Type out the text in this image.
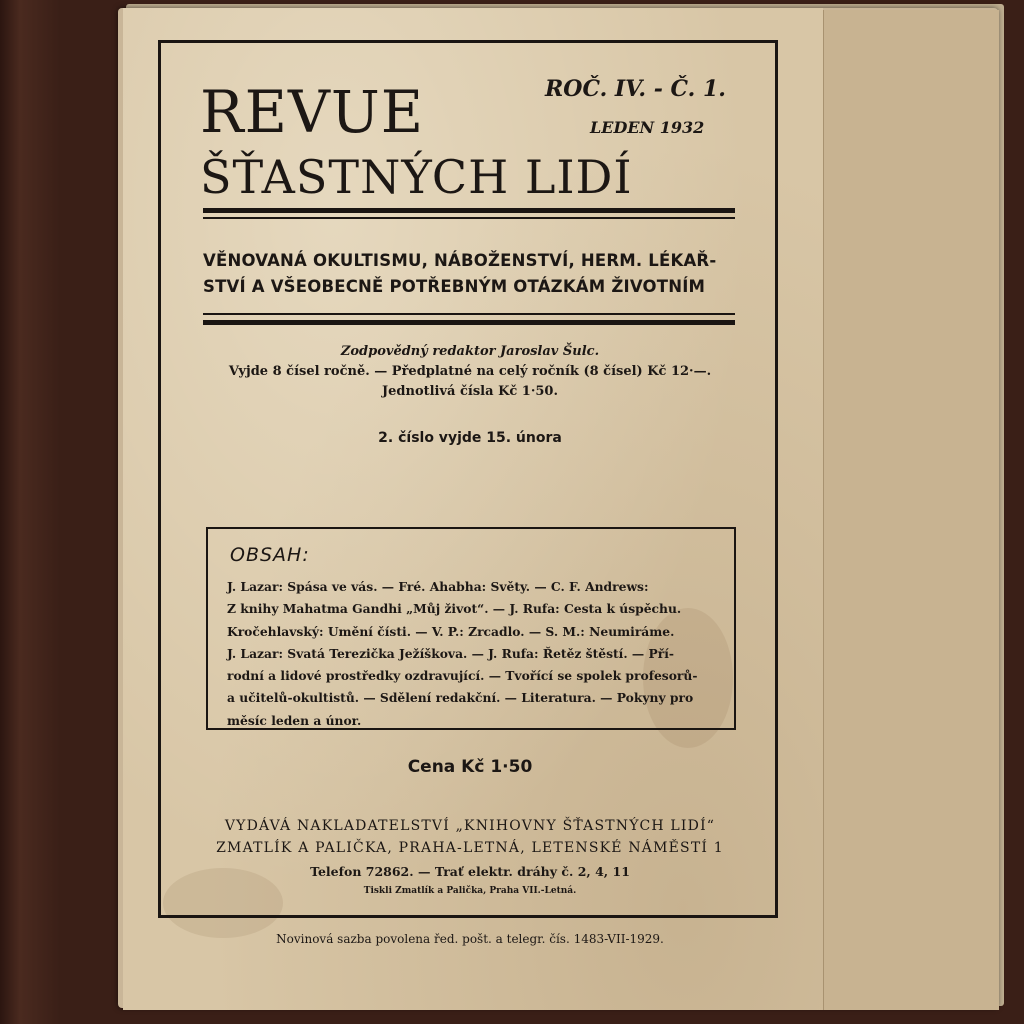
REVUE	ROČ. IV. - Č. 1.
LEDEN 1932
ŠŤASTNÝCH LIDÍ
VĚNOVANÁ OKULTISMU, NÁBOŽENSTVÍ, HERM. LÉKAŘ-
STVÍ A VŠEOBECNĚ POTŘEBNÝM OTÁZKÁM ŽIVOTNÍM
Zodpovědný redaktor Jaroslav Šulc.
Vyjde 8 čísel ročně. — Předplatné na celý ročník (8 čísel) Kč 12·—.
Jednotlivá čísla Kč 1·50.
2. číslo vyjde 15. února
OBSAH:
J. Lazar: Spása ve vás. — Fré. Ahabha: Světy. — C. F. Andrews:
Z knihy Mahatma Gandhi „Můj život“. — J. Rufa: Cesta k úspěchu.
Kročehlavský: Umění čísti. — V. P.: Zrcadlo. — S. M.: Neumiráme.
J. Lazar: Svatá Terezička Ježíškova. — J. Rufa: Řetěz štěstí. — Pří-
rodní a lidové prostředky ozdravující. — Tvořící se spolek profesorů-
a učitelů-okultistů. — Sdělení redakční. — Literatura. — Pokyny pro
měsíc leden a únor.
Cena Kč 1·50
VYDÁVÁ NAKLADATELSTVÍ „KNIHOVNY ŠŤASTNÝCH LIDÍ“
ZMATLÍK A PALIČKA, PRAHA-LETNÁ, LETENSKÉ NÁMĚSTÍ 1
Telefon 72862. — Trať elektr. dráhy č. 2, 4, 11
Tiskli Zmatlík a Palička, Praha VII.-Letná.
Novinová sazba povolena řed. pošt. a telegr. čís. 1483-VII-1929.
